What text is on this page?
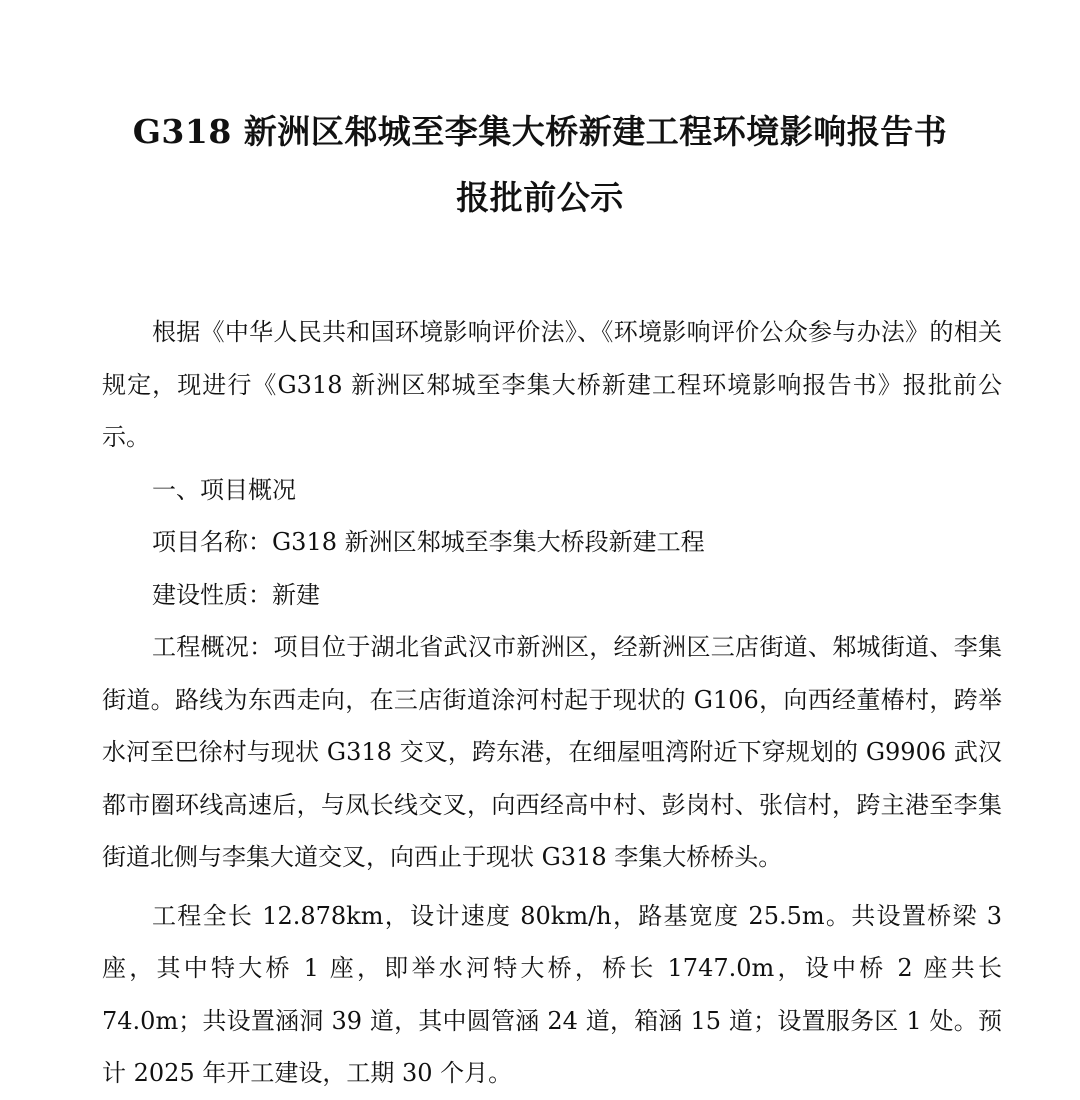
G318 新洲区邾城至李集大桥新建工程环境影响报告书
报批前公示

根据《中华人民共和国环境影响评价法》、《环境影响评价公众参与办法》的相关规定，现进行《G318 新洲区邾城至李集大桥新建工程环境影响报告书》报批前公示。

一、项目概况

项目名称：G318 新洲区邾城至李集大桥段新建工程

建设性质：新建

工程概况：项目位于湖北省武汉市新洲区，经新洲区三店街道、邾城街道、李集街道。路线为东西走向，在三店街道涂河村起于现状的 G106，向西经董椿村，跨举水河至巴徐村与现状 G318 交叉，跨东港，在细屋咀湾附近下穿规划的 G9906 武汉都市圈环线高速后，与凤长线交叉，向西经高中村、彭岗村、张信村，跨主港至李集街道北侧与李集大道交叉，向西止于现状 G318 李集大桥桥头。

工程全长 12.878km，设计速度 80km/h，路基宽度 25.5m。共设置桥梁 3 座，其中特大桥 1 座，即举水河特大桥，桥长 1747.0m，设中桥 2 座共长 74.0m；共设置涵洞 39 道，其中圆管涵 24 道，箱涵 15 道；设置服务区 1 处。预计 2025 年开工建设，工期 30 个月。
